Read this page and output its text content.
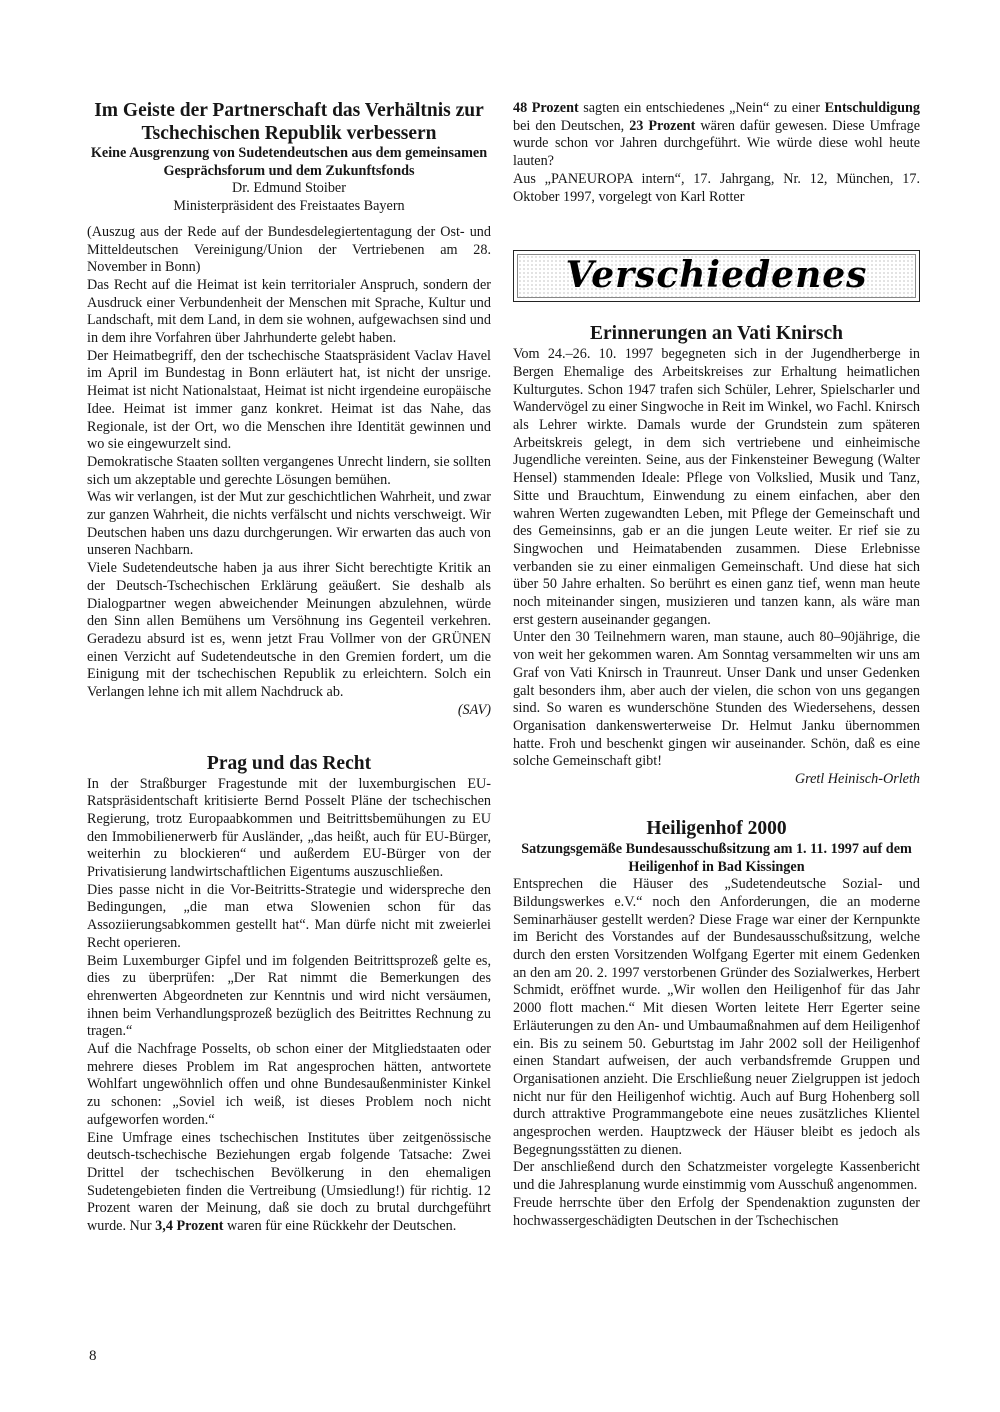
Im Geiste der Partnerschaft das Verhältnis zur Tschechischen Republik verbessern
Keine Ausgrenzung von Sudetendeutschen aus dem gemeinsamen Gesprächsforum und dem Zukunftsfonds

Dr. Edmund Stoiber

Ministerpräsident des Freistaates Bayern

(Auszug aus der Rede auf der Bundesdelegiertentagung der Ost- und Mitteldeutschen Vereinigung/Union der Vertriebenen am 28. November in Bonn)

Das Recht auf die Heimat ist kein territorialer Anspruch, sondern der Ausdruck einer Verbundenheit der Menschen mit Sprache, Kultur und Landschaft, mit dem Land, in dem sie wohnen, aufgewachsen sind und in dem ihre Vorfahren über Jahrhunderte gelebt haben.

Der Heimatbegriff, den der tschechische Staatspräsident Vaclav Havel im April im Bundestag in Bonn erläutert hat, ist nicht der unsrige. Heimat ist nicht Nationalstaat, Heimat ist nicht irgendeine europäische Idee. Heimat ist immer ganz konkret. Heimat ist das Nahe, das Regionale, ist der Ort, wo die Menschen ihre Identität gewinnen und wo sie eingewurzelt sind.

Demokratische Staaten sollten vergangenes Unrecht lindern, sie sollten sich um akzeptable und gerechte Lösungen bemühen.

Was wir verlangen, ist der Mut zur geschichtlichen Wahrheit, und zwar zur ganzen Wahrheit, die nichts verfälscht und nichts verschweigt. Wir Deutschen haben uns dazu durchgerungen. Wir erwarten das auch von unseren Nachbarn.

Viele Sudetendeutsche haben ja aus ihrer Sicht berechtigte Kritik an der Deutsch-Tschechischen Erklärung geäußert. Sie deshalb als Dialogpartner wegen abweichender Meinungen abzulehnen, würde den Sinn allen Bemühens um Versöhnung ins Gegenteil verkehren. Geradezu absurd ist es, wenn jetzt Frau Vollmer von der GRÜNEN einen Verzicht auf Sudetendeutsche in den Gremien fordert, um die Einigung mit der tschechischen Republik zu erleichtern. Solch ein Verlangen lehne ich mit allem Nachdruck ab.

(SAV)
Prag und das Recht

In der Straßburger Fragestunde mit der luxemburgischen EU-Ratspräsidentschaft kritisierte Bernd Posselt Pläne der tschechischen Regierung, trotz Europaabkommen und Beitrittsbemühungen zu EU den Immobilienerwerb für Ausländer, „das heißt, auch für EU-Bürger, weiterhin zu blockieren“ und außerdem EU-Bürger von der Privatisierung landwirtschaftlichen Eigentums auszuschließen.

Dies passe nicht in die Vor-Beitritts-Strategie und widerspreche den Bedingungen, „die man etwa Slowenien schon für das Assoziierungsabkommen gestellt hat“. Man dürfe nicht mit zweierlei Recht operieren.

Beim Luxemburger Gipfel und im folgenden Beitrittsprozeß gelte es, dies zu überprüfen: „Der Rat nimmt die Bemerkungen des ehrenwerten Abgeordneten zur Kenntnis und wird nicht versäumen, ihnen beim Verhandlungsprozeß bezüglich des Beitrittes Rechnung zu tragen.“

Auf die Nachfrage Posselts, ob schon einer der Mitgliedstaaten oder mehrere dieses Problem im Rat angesprochen hätten, antwortete Wohlfart ungewöhnlich offen und ohne Bundesaußenminister Kinkel zu schonen: „Soviel ich weiß, ist dieses Problem noch nicht aufgeworfen worden.“

Eine Umfrage eines tschechischen Institutes über zeitgenössische deutsch-tschechische Beziehungen ergab folgende Tatsache: Zwei Drittel der tschechischen Bevölkerung in den ehemaligen Sudetengebieten finden die Vertreibung (Umsiedlung!) für richtig. 12 Prozent waren der Meinung, daß sie doch zu brutal durchgeführt wurde. Nur 3,4 Prozent waren für eine Rückkehr der Deutschen.

48 Prozent sagten ein entschiedenes „Nein“ zu einer Entschuldigung bei den Deutschen, 23 Prozent wären dafür gewesen. Diese Umfrage wurde schon vor Jahren durchgeführt. Wie würde diese wohl heute lauten?

Aus „PANEUROPA intern“, 17. Jahrgang, Nr. 12, München, 17. Oktober 1997, vorgelegt von Karl Rotter

Verschiedenes
Erinnerungen an Vati Knirsch

Vom 24.–26. 10. 1997 begegneten sich in der Jugendherberge in Bergen Ehemalige des Arbeitskreises zur Erhaltung heimatlichen Kulturgutes. Schon 1947 trafen sich Schüler, Lehrer, Spielscharler und Wandervögel zu einer Singwoche in Reit im Winkel, wo Fachl. Knirsch als Lehrer wirkte. Damals wurde der Grundstein zum späteren Arbeitskreis gelegt, in dem sich vertriebene und einheimische Jugendliche vereinten. Seine, aus der Finkensteiner Bewegung (Walter Hensel) stammenden Ideale: Pflege von Volkslied, Musik und Tanz, Sitte und Brauchtum, Einwendung zu einem einfachen, aber den wahren Werten zugewandten Leben, mit Pflege der Gemeinschaft und des Gemeinsinns, gab er an die jungen Leute weiter. Er rief sie zu Singwochen und Heimatabenden zusammen. Diese Erlebnisse verbanden sie zu einer einmaligen Gemeinschaft. Und diese hat sich über 50 Jahre erhalten. So berührt es einen ganz tief, wenn man heute noch miteinander singen, musizieren und tanzen kann, als wäre man erst gestern auseinander gegangen.

Unter den 30 Teilnehmern waren, man staune, auch 80–90jährige, die von weit her gekommen waren. Am Sonntag versammelten wir uns am Graf von Vati Knirsch in Traunreut. Unser Dank und unser Gedenken galt besonders ihm, aber auch der vielen, die schon von uns gegangen sind. So waren es wunderschöne Stunden des Wiedersehens, dessen Organisation dankenswerterweise Dr. Helmut Janku übernommen hatte. Froh und beschenkt gingen wir auseinander. Schön, daß es eine solche Gemeinschaft gibt!

Gretl Heinisch-Orleth
Heiligenhof 2000
Satzungsgemäße Bundesausschußsitzung am 1. 11. 1997 auf dem Heiligenhof in Bad Kissingen

Entsprechen die Häuser des „Sudetendeutsche Sozial- und Bildungswerkes e.V.“ noch den Anforderungen, die an moderne Seminarhäuser gestellt werden? Diese Frage war einer der Kernpunkte im Bericht des Vorstandes auf der Bundesausschußsitzung, welche durch den ersten Vorsitzenden Wolfgang Egerter mit einem Gedenken an den am 20. 2. 1997 verstorbenen Gründer des Sozialwerkes, Herbert Schmidt, eröffnet wurde. „Wir wollen den Heiligenhof für das Jahr 2000 flott machen.“ Mit diesen Worten leitete Herr Egerter seine Erläuterungen zu den An- und Umbaumaßnahmen auf dem Heiligenhof ein. Bis zu seinem 50. Geburtstag im Jahr 2002 soll der Heiligenhof einen Standart aufweisen, der auch verbandsfremde Gruppen und Organisationen anzieht. Die Erschließung neuer Zielgruppen ist jedoch nicht nur für den Heiligenhof wichtig. Auch auf Burg Hohenberg soll durch attraktive Programmangebote eine neues zusätzliches Klientel angesprochen werden. Hauptzweck der Häuser bleibt es jedoch als Begegnungsstätten zu dienen.

Der anschließend durch den Schatzmeister vorgelegte Kassenbericht und die Jahresplanung wurde einstimmig vom Ausschuß angenommen.

Freude herrschte über den Erfolg der Spendenaktion zugunsten der hochwassergeschädigten Deutschen in der Tschechischen

8
